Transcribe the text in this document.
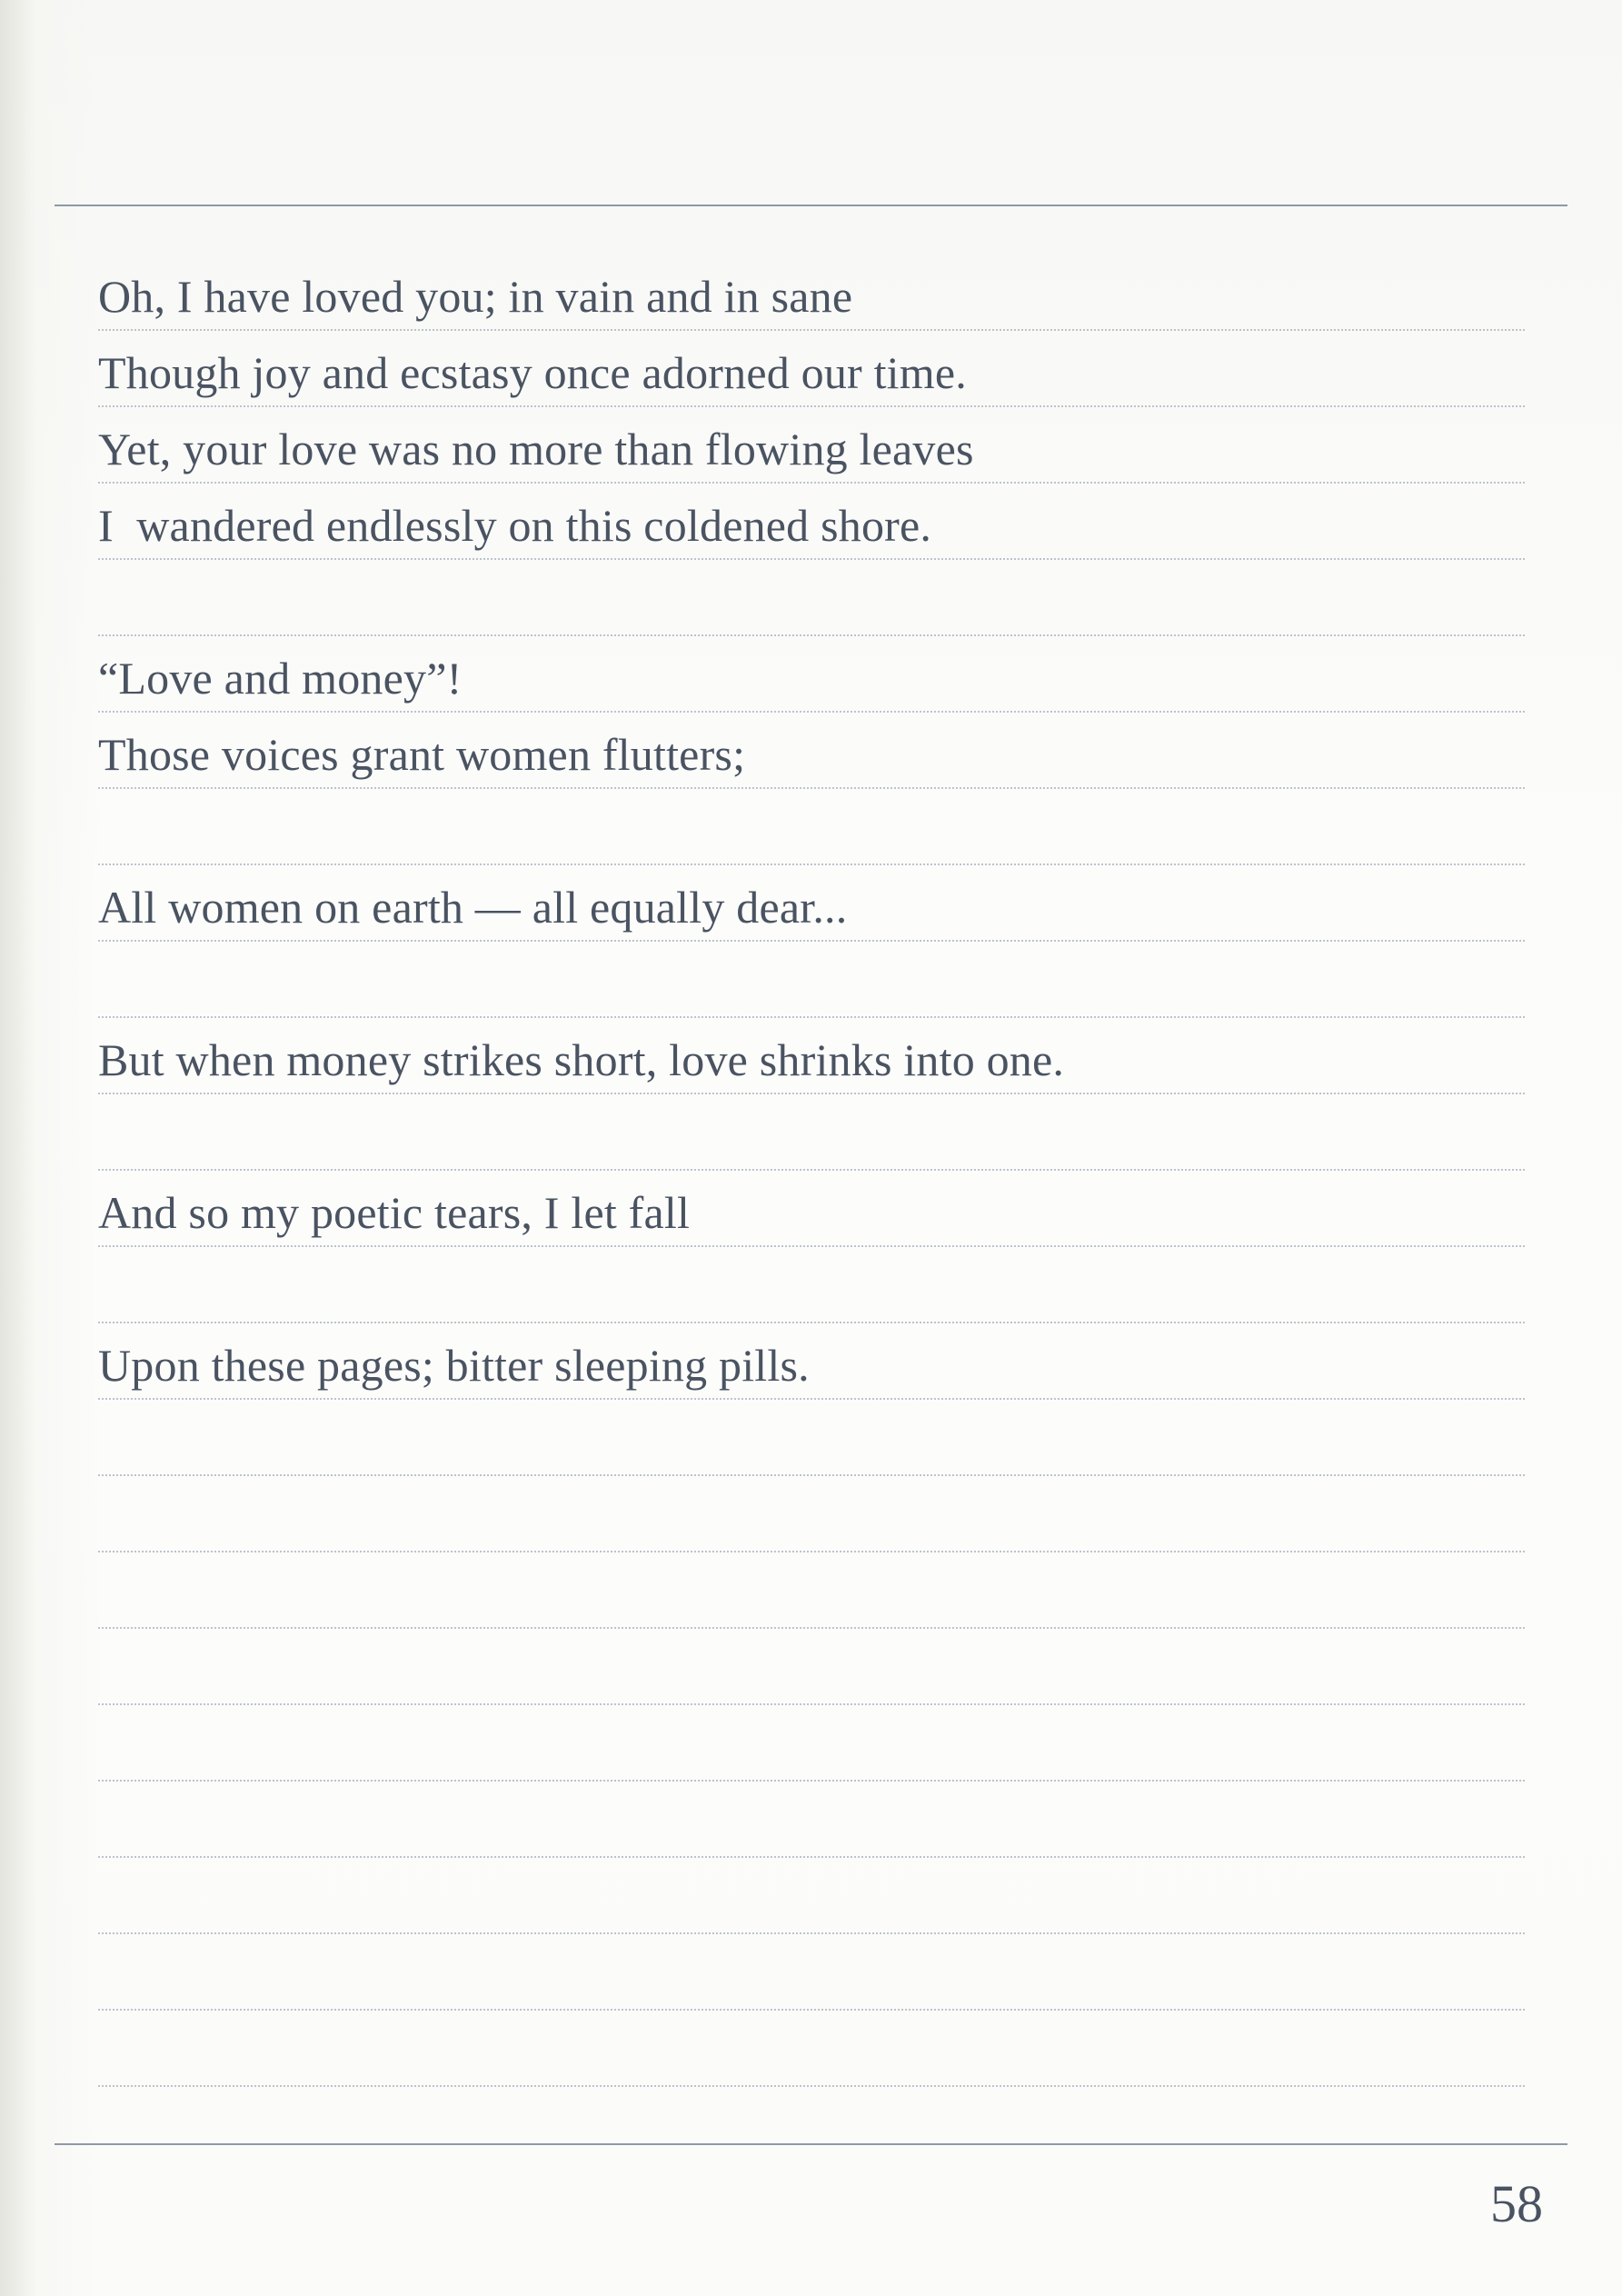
Oh, I have loved you; in vain and in sane
Though joy and ecstasy once adorned our time.
Yet, your love was no more than flowing leaves
I  wandered endlessly on this coldened shore.
“Love and money”!
Those voices grant women flutters;
All women on earth — all equally dear...
But when money strikes short, love shrinks into one.
And so my poetic tears, I let fall
Upon these pages; bitter sleeping pills.
58
